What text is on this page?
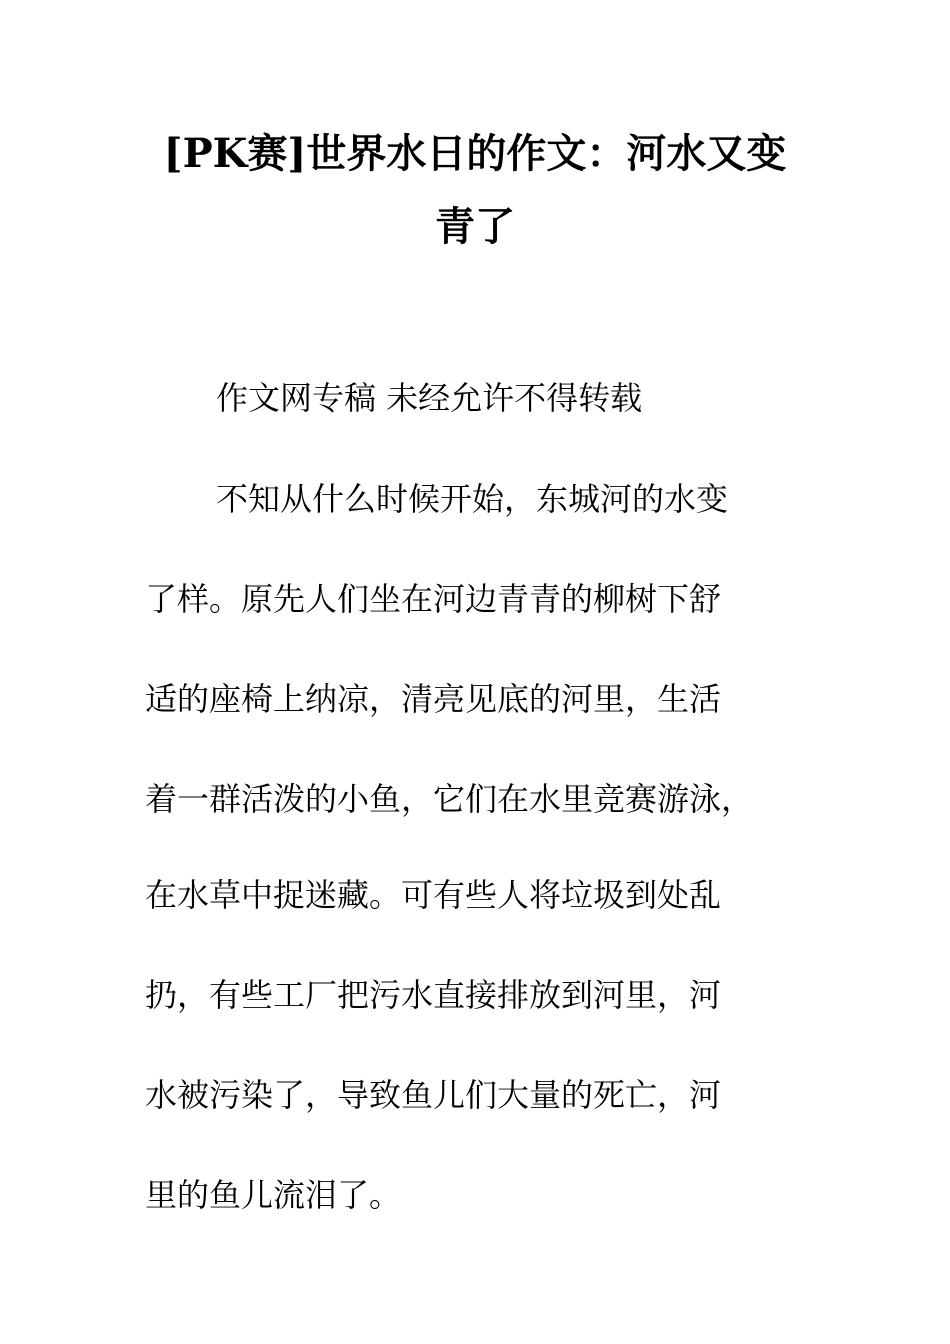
[PK赛]世界水日的作文：河水又变
青了
作文网专稿 未经允许不得转载
不知从什么时候开始，东城河的水变
了样。原先人们坐在河边青青的柳树下舒
适的座椅上纳凉，清亮见底的河里，生活
着一群活泼的小鱼，它们在水里竞赛游泳，
在水草中捉迷藏。可有些人将垃圾到处乱
扔，有些工厂把污水直接排放到河里，河
水被污染了，导致鱼儿们大量的死亡，河
里的鱼儿流泪了。
